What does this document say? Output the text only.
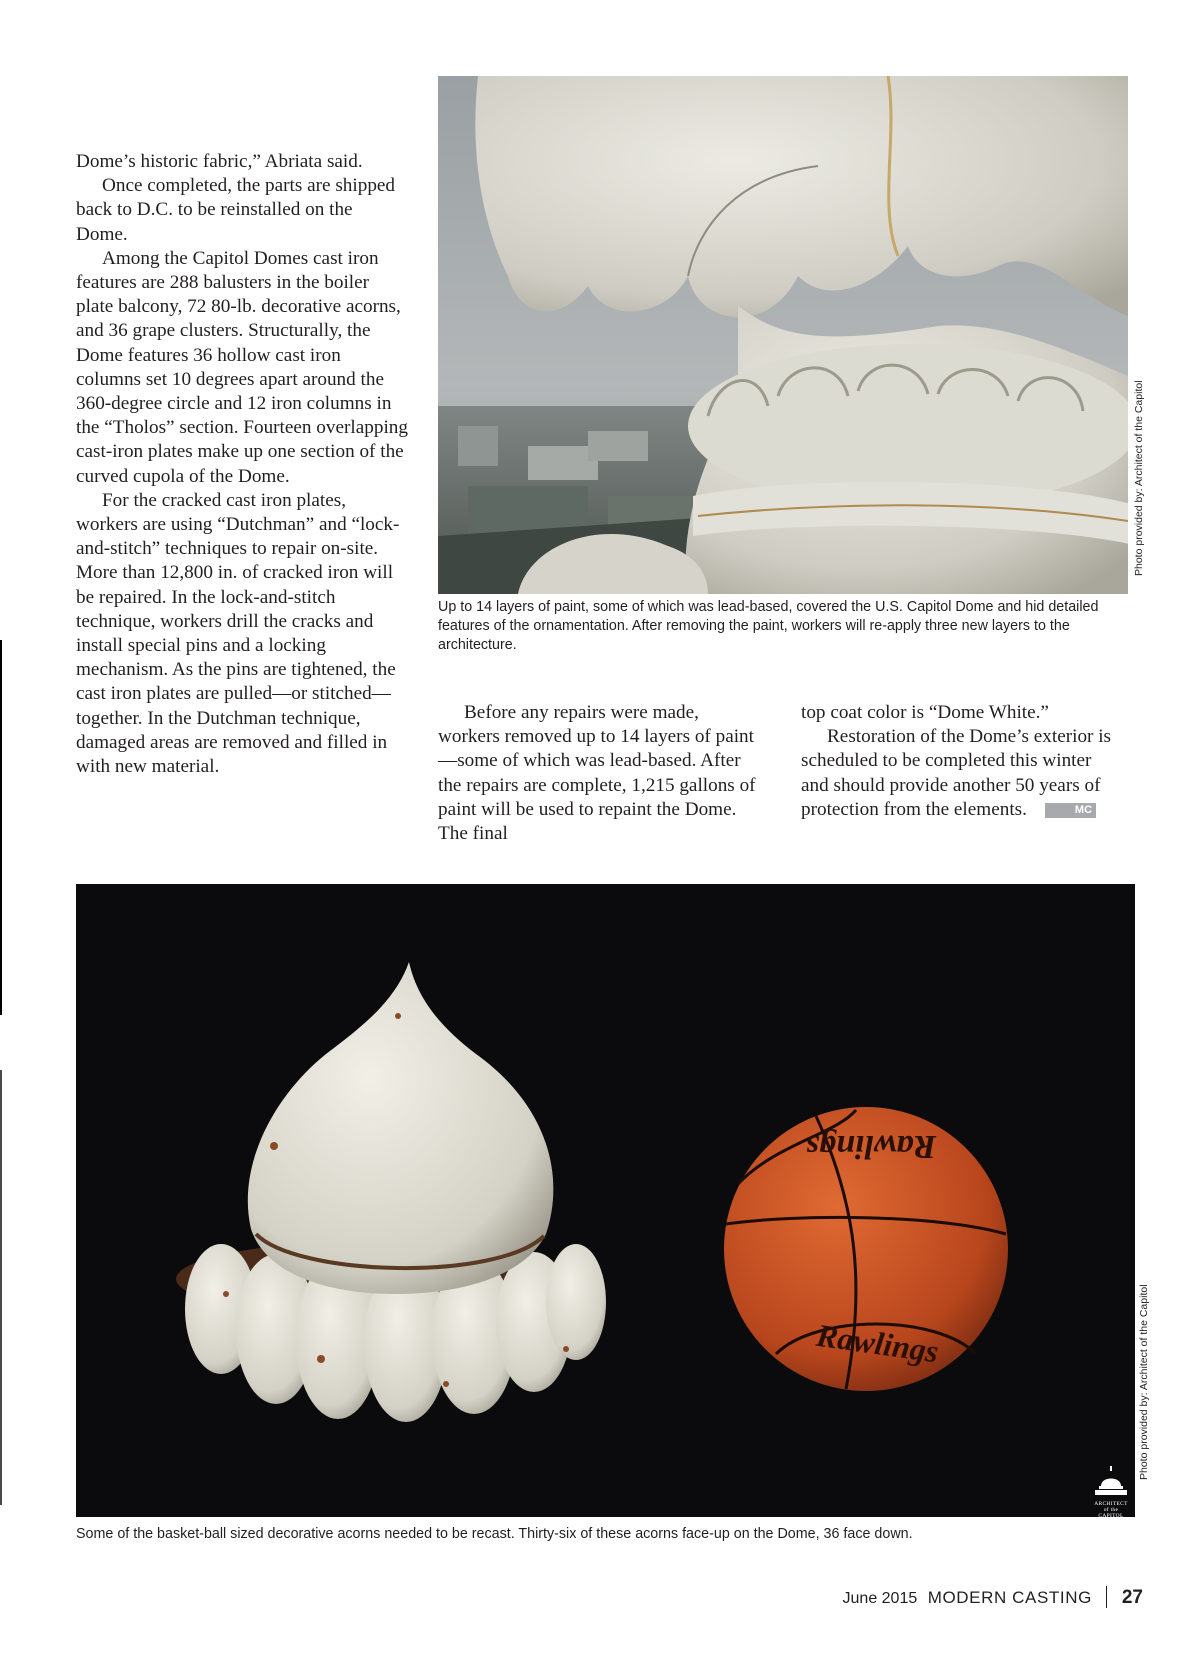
Dome’s historic fabric,” Abriata said.

Once completed, the parts are shipped back to D.C. to be reinstalled on the Dome.

Among the Capitol Domes cast iron features are 288 balusters in the boiler plate balcony, 72 80-lb. decorative acorns, and 36 grape clusters. Structurally, the Dome features 36 hollow cast iron columns set 10 degrees apart around the 360-degree circle and 12 iron columns in the “Tholos” section. Fourteen overlapping cast-iron plates make up one section of the curved cupola of the Dome.

For the cracked cast iron plates, workers are using “Dutchman” and “lock-and-stitch” techniques to repair on-site. More than 12,800 in. of cracked iron will be repaired. In the lock-and-stitch technique, workers drill the cracks and install special pins and a locking mechanism. As the pins are tightened, the cast iron plates are pulled—or stitched—together. In the Dutchman technique, damaged areas are removed and filled in with new material.

Photo provided by: Architect of the Capitol

Up to 14 layers of paint, some of which was lead-based, covered the U.S. Capitol Dome and hid detailed features of the ornamentation. After removing the paint, workers will re-apply three new layers to the architecture.

Before any repairs were made, workers removed up to 14 layers of paint—some of which was lead-based. After the repairs are complete, 1,215 gallons of paint will be used to repaint the Dome. The final

top coat color is “Dome White.”

Restoration of the Dome’s exterior is scheduled to be completed this winter and should provide another 50 years of protection from the elements.	MC

Rawlings
Rawlings
ARCHITECT
of the CAPITOL
Photo provided by: Architect of the Capitol

Some of the basket-ball sized decorative acorns needed to be recast. Thirty-six of these acorns face-up on the Dome, 36 face down.

June 2015 MODERN CASTING 27
